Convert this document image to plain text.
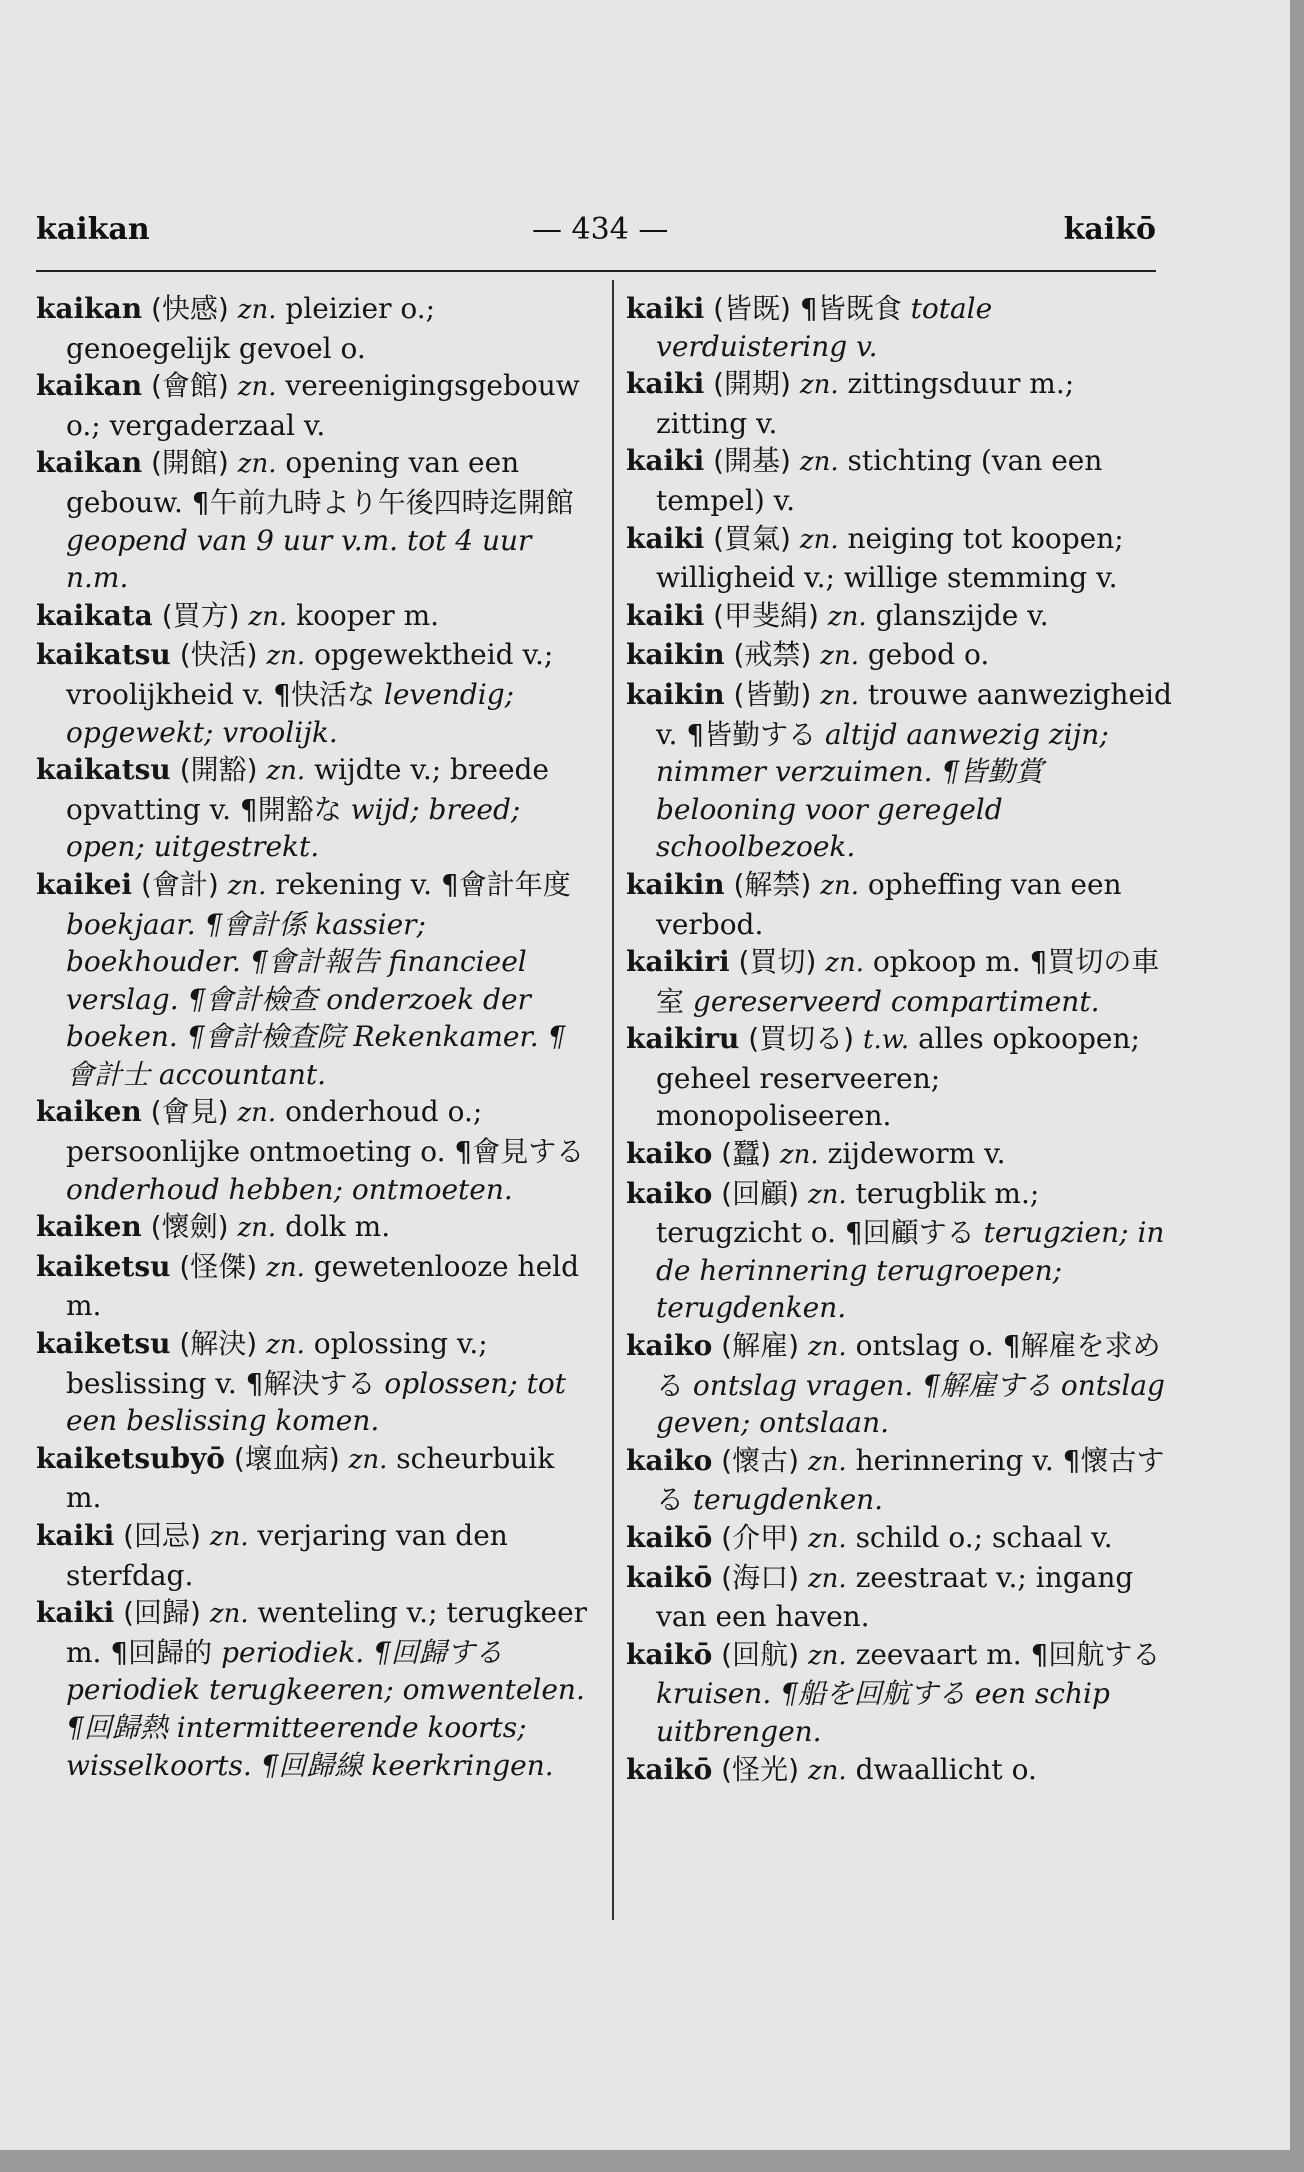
kaikan	— 434 —	kaikō
kaikan (快感) zn. pleizier o.; genoegelijk gevoel o.
kaikan (會館) zn. vereenigingsgebouw o.; vergaderzaal v.
kaikan (開館) zn. opening van een gebouw. ¶午前九時より午後四時迄開館 geopend van 9 uur v.m. tot 4 uur n.m.
kaikata (買方) zn. kooper m.
kaikatsu (快活) zn. opgewektheid v.; vroolijkheid v. ¶快活な levendig; opgewekt; vroolijk.
kaikatsu (開豁) zn. wijdte v.; breede opvatting v. ¶開豁な wijd; breed; open; uitgestrekt.
kaikei (會計) zn. rekening v. ¶會計年度 boekjaar. ¶會計係 kassier; boekhouder. ¶會計報告 financieel verslag. ¶會計檢查 onderzoek der boeken. ¶會計檢査院 Rekenkamer. ¶會計士 accountant.
kaiken (會見) zn. onderhoud o.; persoonlijke ontmoeting o. ¶會見する onderhoud hebben; ontmoeten.
kaiken (懷劍) zn. dolk m.
kaiketsu (怪傑) zn. gewetenlooze held m.
kaiketsu (解決) zn. oplossing v.; beslissing v. ¶解決する oplossen; tot een beslissing komen.
kaiketsubyō (壞血病) zn. scheurbuik m.
kaiki (回忌) zn. verjaring van den sterfdag.
kaiki (回歸) zn. wenteling v.; terugkeer m. ¶回歸的 periodiek. ¶回歸する periodiek terugkeeren; omwentelen. ¶回歸熱 intermitteerende koorts; wisselkoorts. ¶回歸線 keerkringen.
kaiki (皆既) ¶皆既食 totale verduistering v.
kaiki (開期) zn. zittingsduur m.; zitting v.
kaiki (開基) zn. stichting (van een tempel) v.
kaiki (買氣) zn. neiging tot koopen; willigheid v.; willige stemming v.
kaiki (甲斐絹) zn. glanszijde v.
kaikin (戒禁) zn. gebod o.
kaikin (皆勤) zn. trouwe aanwezigheid v. ¶皆勤する altijd aanwezig zijn; nimmer verzuimen. ¶皆勤賞 belooning voor geregeld schoolbezoek.
kaikin (解禁) zn. opheffing van een verbod.
kaikiri (買切) zn. opkoop m. ¶買切の車室 gereserveerd compartiment.
kaikiru (買切る) t.w. alles opkoopen; geheel reserveeren; monopoliseeren.
kaiko (蠶) zn. zijdeworm v.
kaiko (回顧) zn. terugblik m.; terugzicht o. ¶回顧する terugzien; in de herinnering terugroepen; terugdenken.
kaiko (解雇) zn. ontslag o. ¶解雇を求める ontslag vragen. ¶解雇する ontslag geven; ontslaan.
kaiko (懷古) zn. herinnering v. ¶懷古する terugdenken.
kaikō (介甲) zn. schild o.; schaal v.
kaikō (海口) zn. zeestraat v.; ingang van een haven.
kaikō (回航) zn. zeevaart m. ¶回航する kruisen. ¶船を回航する een schip uitbrengen.
kaikō (怪光) zn. dwaallicht o.
